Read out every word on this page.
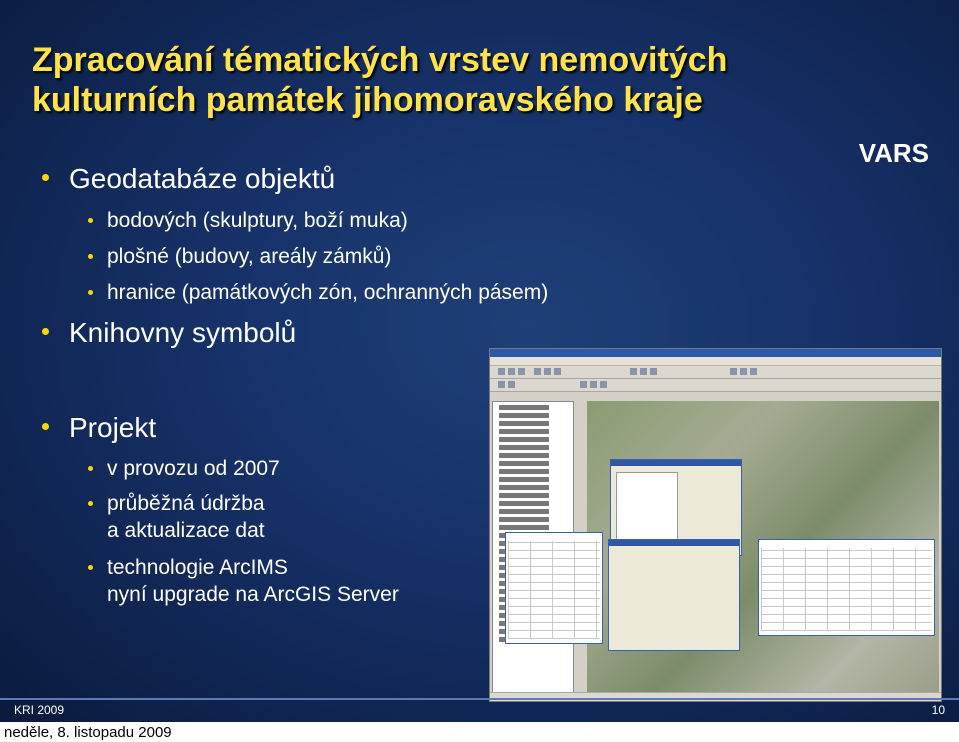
Zpracování tématických vrstev nemovitých
kulturních památek jihomoravského kraje
VARS
Geodatabáze objektů
bodových (skulptury, boží muka)
plošné (budovy, areály zámků)
hranice (památkových zón, ochranných pásem)
Knihovny symbolů
Projekt
v provozu od 2007
průběžná údržba
a aktualizace dat
technologie ArcIMS
nyní upgrade na ArcGIS Server
KRI 2009	10
neděle, 8. listopadu 2009
